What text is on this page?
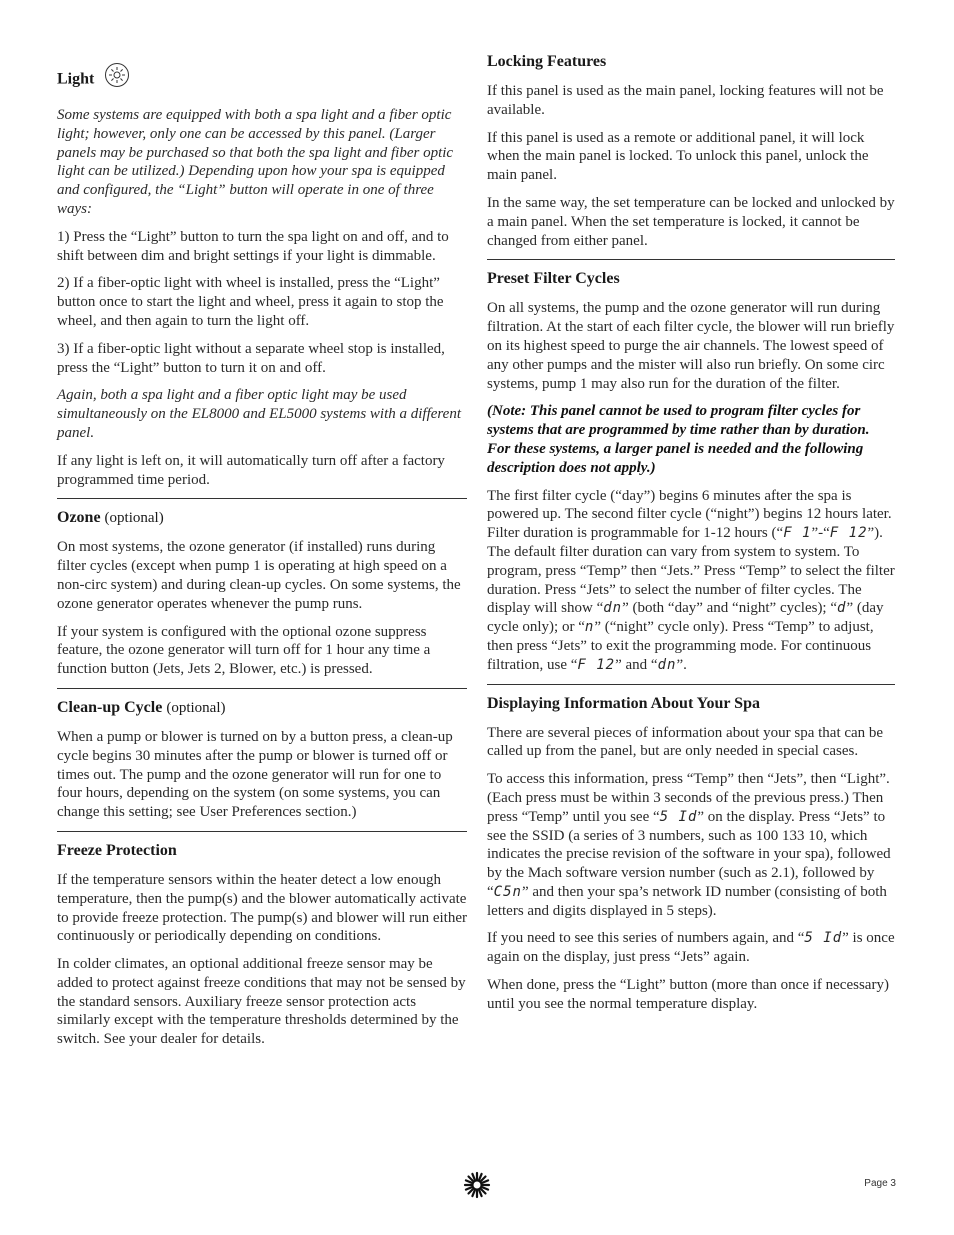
Light

Some systems are equipped with both a spa light and a fiber optic light; however, only one can be accessed by this panel. (Larger panels may be purchased so that both the spa light and fiber optic light can be utilized.) Depending upon how your spa is equipped and configured, the “Light” button will operate in one of three ways:

1) Press the “Light” button to turn the spa light on and off, and to shift between dim and bright settings if your light is dimmable.

2) If a fiber-optic light with wheel is installed, press the “Light” button once to start the light and wheel, press it again to stop the wheel, and then again to turn the light off.

3) If a fiber-optic light without a separate wheel stop is installed, press the “Light” button to turn it on and off.

Again, both a spa light and a fiber optic light may be used simultaneously on the EL8000 and EL5000 systems with a different panel.

If any light is left on, it will automatically turn off after a factory programmed time period.

Ozone (optional)

On most systems, the ozone generator (if installed) runs during filter cycles (except when pump 1 is operating at high speed on a non-circ system) and during clean-up cycles. On some systems, the ozone generator operates whenever the pump runs.

If your system is configured with the optional ozone suppress feature, the ozone generator will turn off for 1 hour any time a function button (Jets, Jets 2, Blower, etc.) is pressed.

Clean-up Cycle (optional)

When a pump or blower is turned on by a button press, a clean-up cycle begins 30 minutes after the pump or blower is turned off or times out. The pump and the ozone generator will run for one to four hours, depending on the system (on some systems, you can change this setting; see User Preferences section.)

Freeze Protection

If the temperature sensors within the heater detect a low enough temperature, then the pump(s) and the blower automatically activate to provide freeze protection. The pump(s) and blower will run either continuously or periodically depending on conditions.

In colder climates, an optional additional freeze sensor may be added to protect against freeze conditions that may not be sensed by the standard sensors. Auxiliary freeze sensor protection acts similarly except with the temperature thresholds determined by the switch. See your dealer for details.

Locking Features

If this panel is used as the main panel, locking features will not be available.

If this panel is used as a remote or additional panel, it will lock when the main panel is locked. To unlock this panel, unlock the main panel.

In the same way, the set temperature can be locked and unlocked by a main panel. When the set temperature is locked, it cannot be changed from either panel.

Preset Filter Cycles

On all systems, the pump and the ozone generator will run during filtration. At the start of each filter cycle, the blower will run briefly on its highest speed to purge the air channels. The lowest speed of any other pumps and the mister will also run briefly. On some circ systems, pump 1 may also run for the duration of the filter.

(Note: This panel cannot be used to program filter cycles for systems that are programmed by time rather than by duration. For these systems, a larger panel is needed and the following description does not apply.)

The first filter cycle (“day”) begins 6 minutes after the spa is powered up. The second filter cycle (“night”) begins 12 hours later. Filter duration is programmable for 1-12 hours (“F 1”-“F 12”). The default filter duration can vary from system to system. To program, press “Temp” then “Jets.” Press “Temp” to select the filter duration. Press “Jets” to select the number of filter cycles. The display will show “dn” (both “day” and “night” cycles); “d” (day cycle only); or “n” (“night” cycle only). Press “Temp” to adjust, then press “Jets” to exit the programming mode. For continuous filtration, use “F 12” and “dn”.

Displaying Information About Your Spa

There are several pieces of information about your spa that can be called up from the panel, but are only needed in special cases.

To access this information, press “Temp” then “Jets”, then “Light”. (Each press must be within 3 seconds of the previous press.) Then press “Temp” until you see “5 Id” on the display. Press “Jets” to see the SSID (a series of 3 numbers, such as 100 133 10, which indicates the precise revision of the software in your spa), followed by the Mach software version number (such as 2.1), followed by “C5n” and then your spa’s network ID number (consisting of both letters and digits displayed in 5 steps).

If you need to see this series of numbers again, and “5 Id” is once again on the display, just press “Jets” again.

When done, press the “Light” button (more than once if necessary) until you see the normal temperature display.

Page 3
